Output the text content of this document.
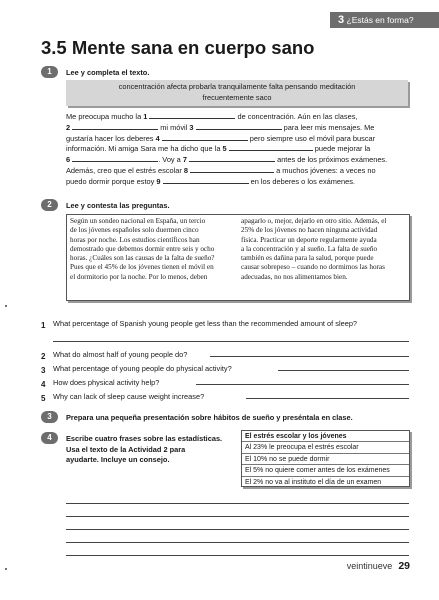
3 ¿Estás en forma?
3.5 Mente sana en cuerpo sano
1	Lee y completa el texto.
concentración afecta probarla tranquilamente falta pensando meditación
frecuentemente saco
Me preocupa mucho la 1	de concentración. Aún en las clases,
2	mi móvil 3	para leer mis mensajes. Me
gustaría hacer los deberes 4	pero siempre uso el móvil para buscar
información. Mi amiga Sara me ha dicho que la 5	puede mejorar la
6	. Voy a 7	antes de los próximos exámenes.
Además, creo que el estrés escolar 8	a muchos jóvenes: a veces no
puedo dormir porque estoy 9	en los deberes o los exámenes.
2	Lee y contesta las preguntas.
Según un sondeo nacional en España, un tercio
de los jóvenes españoles solo duermen cinco
horas por noche. Los estudios científicos han
demostrado que debemos dormir entre seis y ocho
horas. ¿Cuáles son las causas de la falta de sueño?
Pues que el 45% de los jóvenes tienen el móvil en
el dormitorio por la noche. Por lo menos, deben
apagarlo o, mejor, dejarlo en otro sitio. Además, el
25% de los jóvenes no hacen ninguna actividad
física. Practicar un deporte regularmente ayuda
a la concentración y al sueño. La falta de sueño
también es dañina para la salud, porque puede
causar sobrepeso – cuando no dormimos las horas
adecuadas, no nos alimentamos bien.
1	What percentage of Spanish young people get less than the recommended amount of sleep?
2	What do almost half of young people do?
3	What percentage of young people do physical activity?
4	How does physical activity help?
5	Why can lack of sleep cause weight increase?
3	Prepara una pequeña presentación sobre hábitos de sueño y preséntala en clase.
4	Escribe cuatro frases sobre las estadísticas.
Usa el texto de la Actividad 2 para
ayudarte. Incluye un consejo.
El estrés escolar y los jóvenes
Al 23% le preocupa el estrés escolar
El 10% no se puede dormir
El 5% no quiere comer antes de los exámenes
El 2% no va al instituto el día de un examen
veintinueve 29
